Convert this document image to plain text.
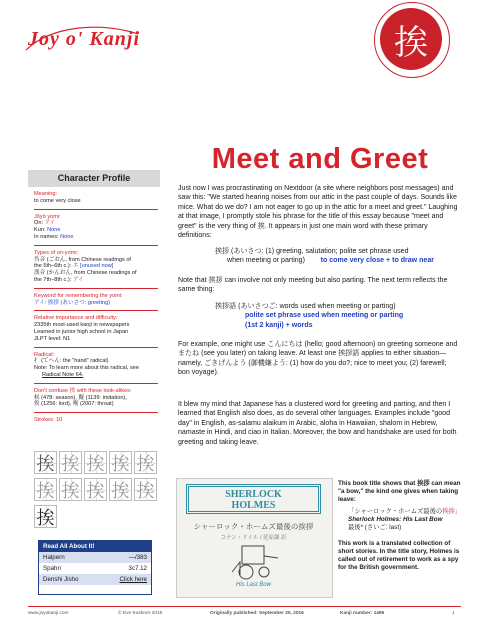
Joy o' Kanji	挨
Meet and Greet
Character Profile
Meaning:
to come very close
Jōyō yomi:
On: アイ
Kun: None
In names: None
Types of on-yomi:
呉音 (ごおん, from Chinese readings of
the 5th–6th c.): エ [unused now]
漢音 (かんおん, from Chinese readings of
the 7th–8th c.): アイ
Keyword for remembering the yomi:
アイ: 挨拶 (あいさつ: greeting)
Relative importance and difficulty:
2335th most-used kanji in newspapers
Learned in junior high school in Japan
JLPT level: N1
Radical:
扌 (てへん: the "hand" radical)
Note: To learn more about this radical, see
Radical Note 64.
Don't confuse 挨 with these look-alikes:
候 (478: season), 擬 (1139: imitation),
俟 (1256: lord), 喉 (2007: throat)
Strokes: 10
挨 挨 挨 挨 挨
挨 挨 挨 挨 挨
挨
Read All About It!
Halpern	—/383
Spahn	3c7.12
Denshi Jisho	Click here
Just now I was procrastinating on Nextdoor (a site where neighbors post messages) and saw this: "We started hearing noises from our attic in the past couple of days. Sounds like mice. What do we do? I am not eager to go up in the attic for a meet and greet." Laughing at that image, I promptly stole his phrase for the title of this essay because "meet and greet" is the very thing of 挨. It appears in just one main word with these primary definitions:
挨拶 (あいさつ: (1) greeting, salutation; polite set phrase used
when meeting or parting) to come very close + to draw near
Note that 挨拶 can involve not only meeting but also parting. The next term reflects the same thing:
挨拶語 (あいさつご: words used when meeting or parting)
polite set phrase used when meeting or parting
(1st 2 kanji) + words
For example, one might use こんにちは (hello; good afternoon) on greeting someone and またね (see you later) on taking leave. At least one 挨拶語 applies to either situation—namely, ごきげんよう (御機嫌よう: (1) how do you do?; nice to meet you; (2) farewell; bon voyage).
It blew my mind that Japanese has a clustered word for greeting and parting, and then I learned that English also does, as do several other languages. Examples include "good day" in English, as-salamu alaikum in Arabic, aloha in Hawaiian, shalom in Hebrew, namaste in Hindi, and ciao in Italian. Moreover, the bow and handshake are used for both greeting and taking leave.
SHERLOCK
HOLMES
シャーロック・ホームズ最後の挨拶
コナン・ドイル / 延原謙 訳
His Last Bow
This book title shows that 挨拶 can mean "a bow," the kind one gives when taking leave:
「シャーロック・ホームズ最後の挨拶」
Sherlock Holmes: His Last Bow
最後* (さいご: last)
This work is a translated collection of short stories. In the title story, Holmes is called out of retirement to work as a spy for the British government.
www.joyokanji.com	© Eve Kushner 2016	Originally published: September 30, 2016	Kanji number: 1496	1
